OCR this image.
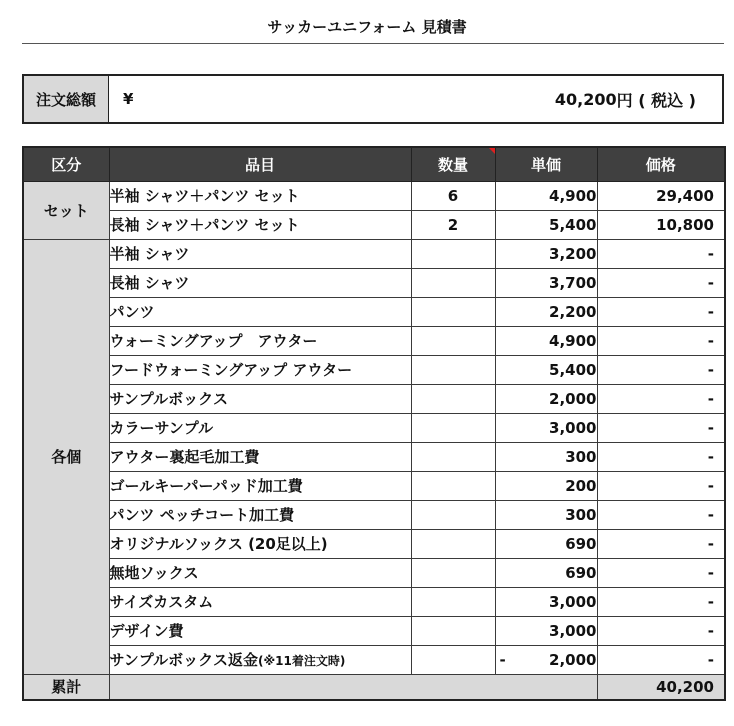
サッカーユニフォーム 見積書
注文総額	¥	40,200 円 ( 税込 )
区分	品目	数量	単価	価格
セット	半袖 シャツ＋パンツ セット	6	4,900	29,400
	長袖 シャツ＋パンツ セット	2	5,400	10,800
各個	半袖 シャツ		3,200	-
	長袖 シャツ		3,700	-
	パンツ		2,200	-
	ウォーミングアップ　アウター		4,900	-
	フードウォーミングアップ アウター		5,400	-
	サンプルボックス		2,000	-
	カラーサンプル		3,000	-
	アウター裏起毛加工費		300	-
	ゴールキーパーパッド加工費		200	-
	パンツ ペッチコート加工費		300	-
	オリジナルソックス (20足以上)		690	-
	無地ソックス		690	-
	サイズカスタム		3,000	-
	デザイン費		3,000	-
	サンプルボックス返金(※11着注文時)		- 2,000	-
累計				40,200
